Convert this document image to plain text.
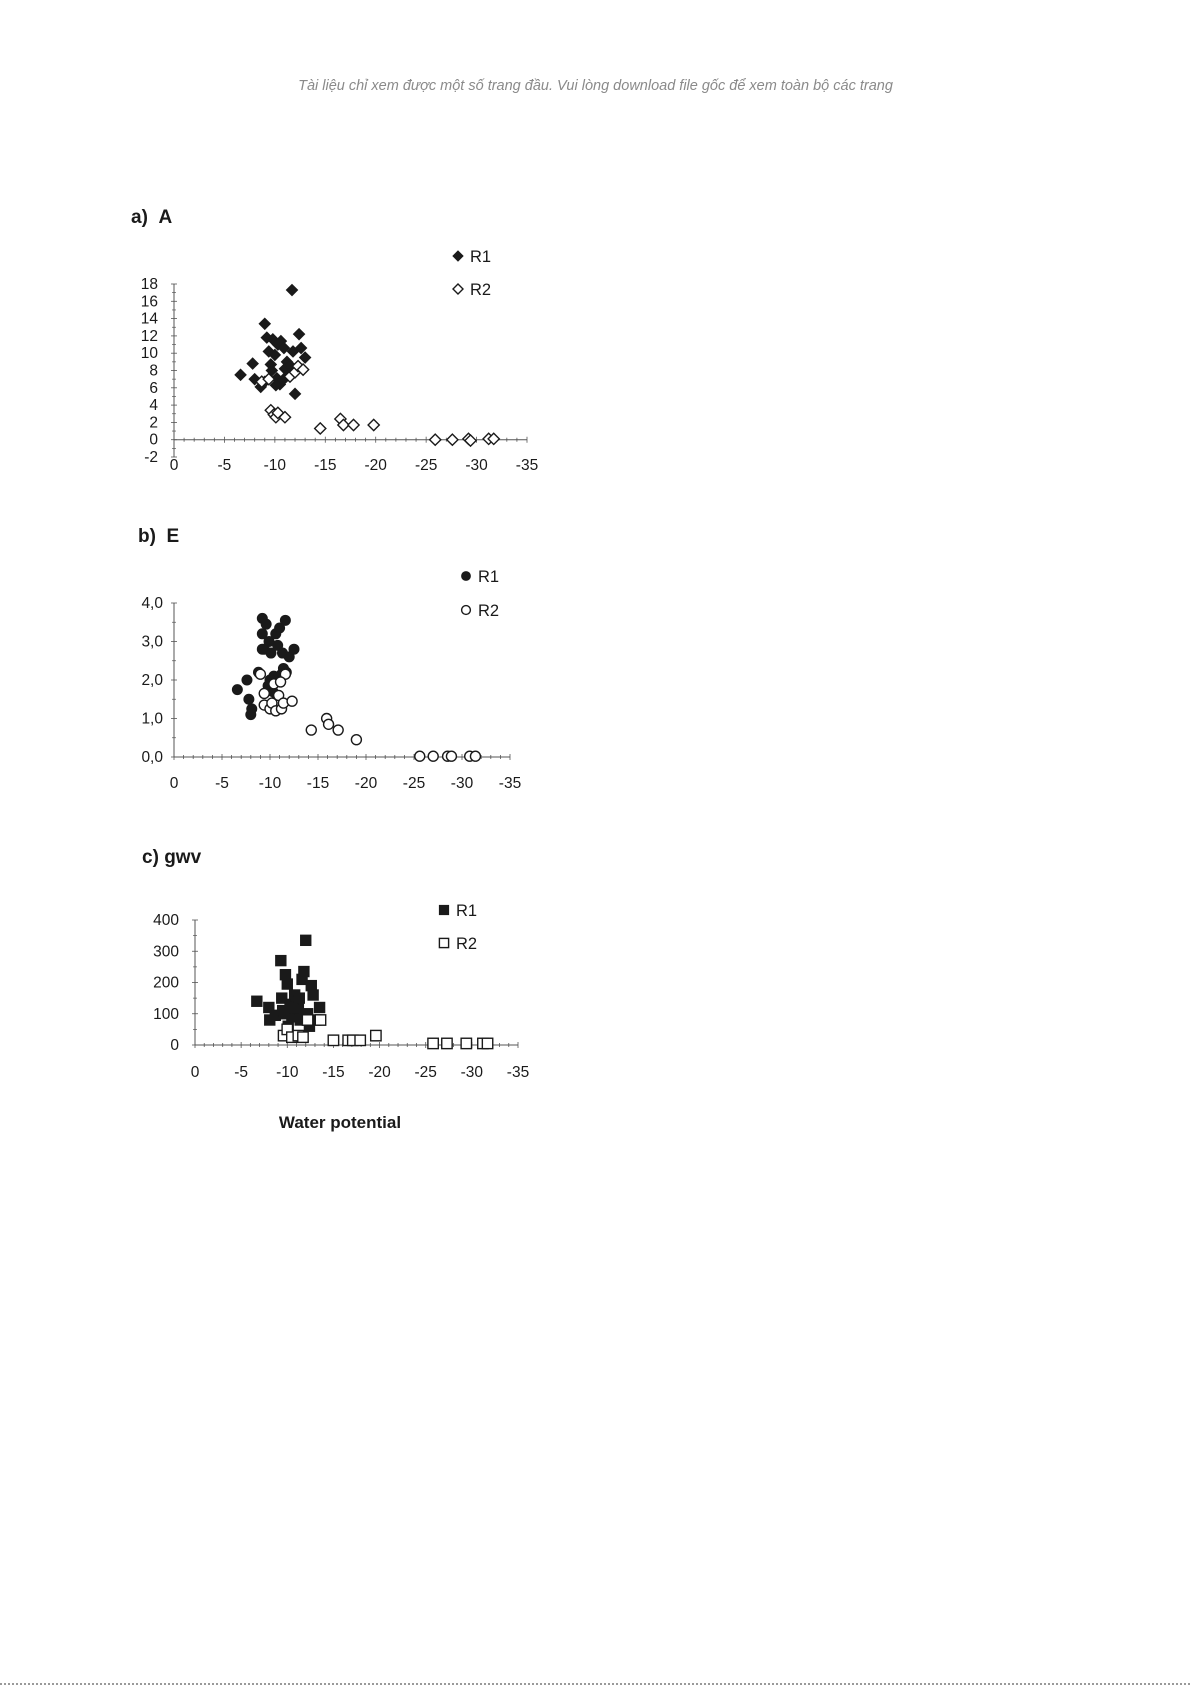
Tài liệu chỉ xem được một số trang đầu. Vui lòng download file gốc để xem toàn bộ các trang
a) A
0	-5 -10 -15 -20 -25 -30 -35
-2
0
2
4
6
8
10
12
14
16
18
R1
R2
b) E
0 -5 -10 -15 -20 -25 -30 -35
0,0
1,0
2,0
3,0
4,0
R1
R2
c) gwv
0 -5 -10 -15 -20 -25 -30 -35
0
100
200
300
400
R1
R2
Water potential
